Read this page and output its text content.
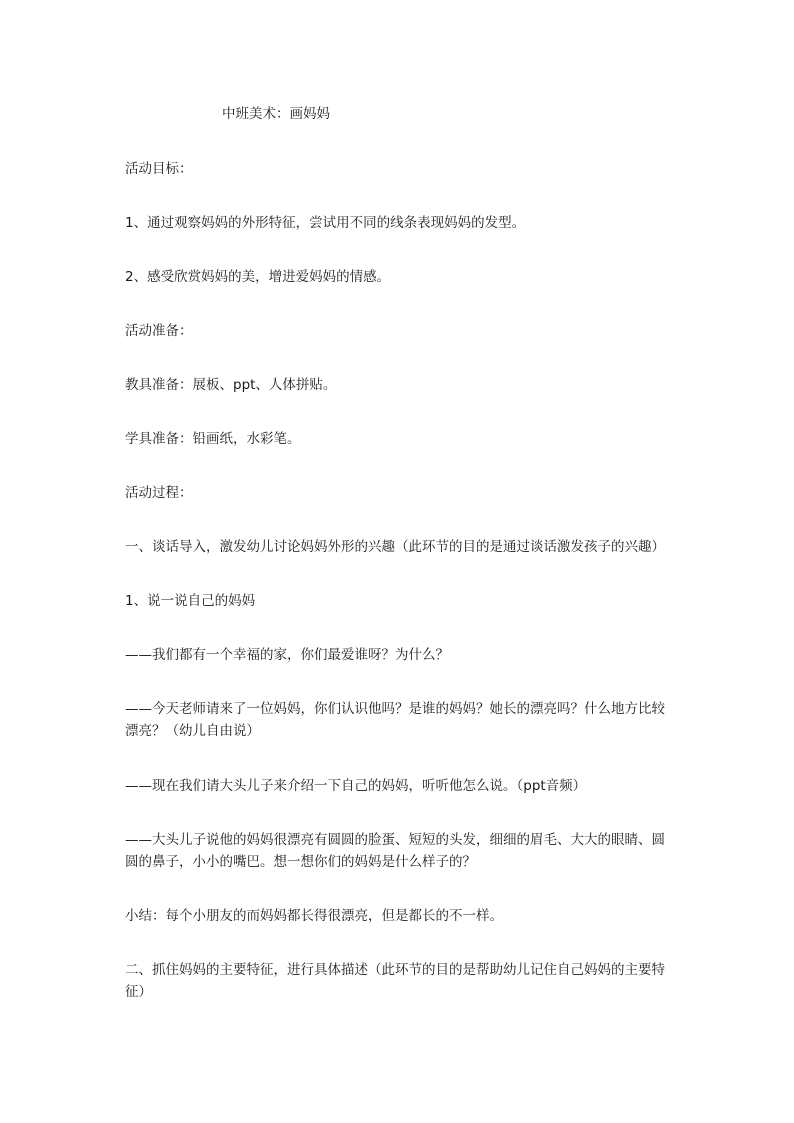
中班美术：画妈妈
活动目标：
1、通过观察妈妈的外形特征，尝试用不同的线条表现妈妈的发型。
2、感受欣赏妈妈的美，增进爱妈妈的情感。
活动准备：
教具准备：展板、ppt、人体拼贴。
学具准备：铅画纸，水彩笔。
活动过程：
一、谈话导入，激发幼儿讨论妈妈外形的兴趣（此环节的目的是通过谈话激发孩子的兴趣）
1、说一说自己的妈妈
——我们都有一个幸福的家，你们最爱谁呀？为什么？
——今天老师请来了一位妈妈，你们认识他吗？是谁的妈妈？她长的漂亮吗？什么地方比较漂亮？（幼儿自由说）
——现在我们请大头儿子来介绍一下自己的妈妈，听听他怎么说。（ppt音频）
——大头儿子说他的妈妈很漂亮有圆圆的脸蛋、短短的头发，细细的眉毛、大大的眼睛、圆圆的鼻子，小小的嘴巴。想一想你们的妈妈是什么样子的？
小结：每个小朋友的而妈妈都长得很漂亮，但是都长的不一样。
二、抓住妈妈的主要特征，进行具体描述（此环节的目的是帮助幼儿记住自己妈妈的主要特征）
